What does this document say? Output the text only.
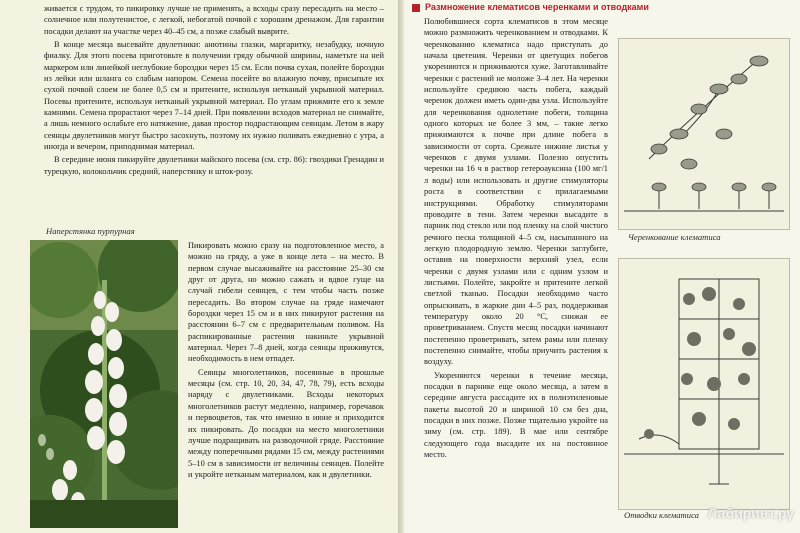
живается с трудом, то пикировку лучше не применять, а всходы сразу пересадить на место – солнечное или полутенистое, с легкой, небогатой почвой с хорошим дренажом. Для гарантии посадки делают на участке через 40–45 см, а позже слабый выврите.

В конце месяца высевайте двулетники: анютины глазки, маргаритку, незабудку, ночную фиалку. Для этого посева приготовьте в получении гряду обычной ширины, наметьте на ней маркером или линейкой неглубокие бороздки через 15 см. Если почва сухая, полейте бороздки из лейки или шланга со слабым напором. Семена посейте во влажную почву, присыпьте их сухой почвой слоем не более 0,5 см и притените, используя нетканый укрывной материал. Посевы притените, используя нетканый укрывной материал. По углам прижмите его к земле камнями. Семена прорастают через 7–14 дней. При появлении всходов материал не снимайте, а лишь немного ослабьте его натяжение, давая простор подрастающим сеянцам. Летом в жару сеянцы двулетников могут быстро засохнуть, поэтому их нужно поливать ежедневно с утра, а иногда и вечером, приподнимая материал.

В середине июня пикируйте двулетники майского посева (см. стр. 86): гвоздики Гренадин и турецкую, колокольчик средний, наперстянку и шток-розу.

Наперстянка пурпурная

Пикировать можно сразу на подготовленное место, а можно на гряду, а уже в конце лета – на место. В первом случае высаживайте на расстояние 25–30 см друг от друга, но можно сажать и вдвое гуще на случай гибели сеянцев, с тем чтобы часть позже пересадить. Во втором случае на гряде намечают бороздки через 15 см и в них пикируют растения на расстоянии 6–7 см с предварительным поливом. На распикированные растения накиньте укрывной материал. Через 7–8 дней, когда сеянцы приживутся, необходимость в нем отпадет.

Сеянцы многолетников, посеянные в прошлые месяцы (см. стр. 10, 20, 34, 47, 78, 79), есть всходы наряду с двулетниками. Всходы некоторых многолетников растут медленно, например, горечавок и первоцветов, так что именно в июне и приходится их пикировать. До посадки на место многолетники лучше подращивать на разводочной гряде. Расстояние между поперечными рядами 15 см, между растениями 5–10 см в зависимости от величины сеянцев. Полейте и укройте нетканым материалом, как и двулетники.

Размножение клематисов черенками и отводками

Полюбившиеся сорта клематисов в этом месяце можно размножить черенкованием и отводками. К черенкованию клематиса надо приступать до начала цветения. Черенки от цветущих побегов укореняются и приживаются хуже. Заготавливайте черенки с растений не моложе 3–4 лет. На черенки используйте среднюю часть побега, каждый черенок должен иметь один-два узла. Используйте для черенкования однолетние побеги, толщина одного которых не более 3 мм, – такие легко прижимаются к почве при длине побега в зависимости от сорта. Срежьте нижние листья у черенков с двумя узлами. Полезно опустить черенки на 16 ч в раствор гетероауксина (100 мг/1 л воды) или использовать и другие стимуляторы роста в соответствии с прилагаемыми инструкциями. Обработку стимуляторами проводите в тени. Затем черенки высадите в парник под стекло или под пленку на слой чистого речного песка толщиной 4–5 см, насыпанного на легкую плодородную землю. Черенки заглубите, оставив на поверхности верхний узел, если черенки с двумя узлами или с одним узлом и листьями. Полейте, закройте и притените легкой светлой тканью. Посадки необходимо часто опрыскивать, в жаркие дни 4–5 раз, поддерживая температуру около 20 °С, снижая ее проветриванием. Спустя месяц посадки начинают постепенно проветривать, затем рамы или пленку постепенно снимайте, чтобы приучить растения к воздуху.

Укореняются черенки в течение месяца, посадки в парнике еще около месяца, а затем в середине августа рассадите их в полиэтиленовые пакеты высотой 20 и шириной 10 см без дна, посадки в них позже. Позже тщательно укройте на зиму (см. стр. 189). В мае или сентябре следующего года высадите их на постоянное место.

Черенкование клематиса
Отводки клематиса Лабиринт.ру
